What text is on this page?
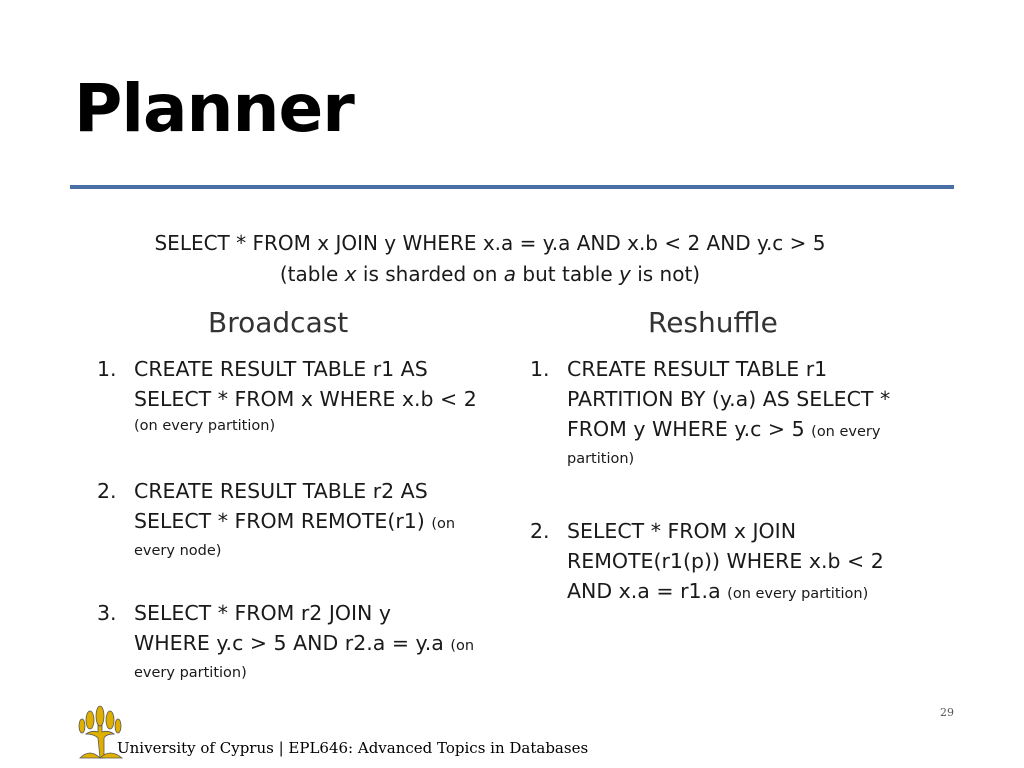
Planner
SELECT * FROM x JOIN y WHERE x.a = y.a AND x.b < 2 AND y.c > 5
(table x is sharded on a but table y is not)
Broadcast	Reshuffle
1. CREATE RESULT TABLE r1 AS
SELECT * FROM x WHERE x.b < 2
(on every partition)
2. CREATE RESULT TABLE r2 AS
SELECT * FROM REMOTE(r1) (on
every node)
3. SELECT * FROM r2 JOIN y
WHERE y.c > 5 AND r2.a = y.a (on
every partition)
1. CREATE RESULT TABLE r1
PARTITION BY (y.a) AS SELECT *
FROM y WHERE y.c > 5 (on every
partition)
2. SELECT * FROM x JOIN
REMOTE(r1(p)) WHERE x.b < 2
AND x.a = r1.a (on every partition)
29
University of Cyprus | EPL646: Advanced Topics in Databases
